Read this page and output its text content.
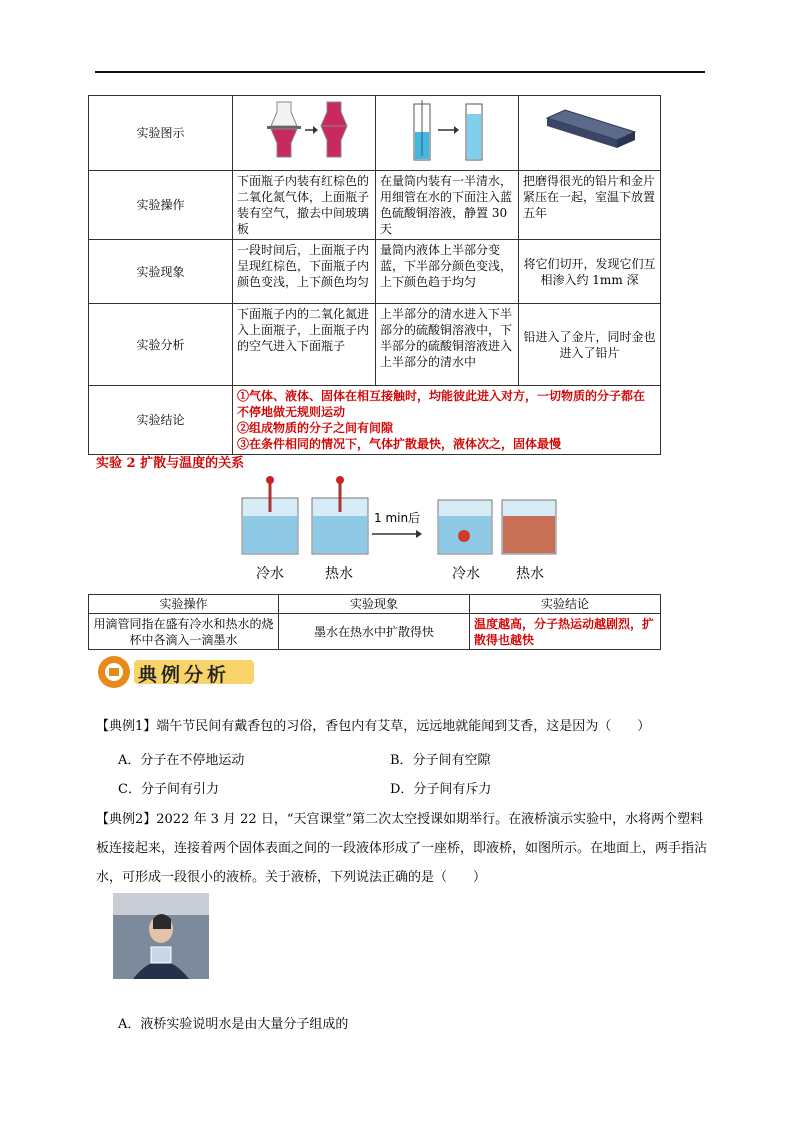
实验图示			
实验操作	下面瓶子内装有红棕色的二氧化氮气体，上面瓶子装有空气，撤去中间玻璃板	在量筒内装有一半清水，用细管在水的下面注入蓝色硫酸铜溶液，静置 30 天	把磨得很光的铅片和金片紧压在一起，室温下放置五年
实验现象	一段时间后，上面瓶子内呈现红棕色，下面瓶子内颜色变浅，上下颜色均匀	量筒内液体上半部分变蓝，下半部分颜色变浅，上下颜色趋于均匀	将它们切开，发现它们互相渗入约 1mm 深
实验分析	下面瓶子内的二氧化氮进入上面瓶子，上面瓶子内的空气进入下面瓶子	上半部分的清水进入下半部分的硫酸铜溶液中，下半部分的硫酸铜溶液进入上半部分的清水中	铅进入了金片，同时金也进入了铅片
实验结论	①气体、液体、固体在相互接触时，均能彼此进入对方，一切物质的分子都在不停地做无规则运动
②组成物质的分子之间有间隙
③在条件相同的情况下，气体扩散最快，液体次之，固体最慢		
实验 2 扩散与温度的关系
1 min后
冷水	热水	冷水	热水
实验操作	实验现象	实验结论
用滴管同指在盛有冷水和热水的烧杯中各滴入一滴墨水	墨水在热水中扩散得快	温度越高，分子热运动越剧烈，扩散得也越快
典例分析
【典例1】端午节民间有戴香包的习俗，香包内有艾草，远远地就能闻到艾香，这是因为（　　）
A．分子在不停地运动	B．分子间有空隙
C．分子间有引力	D．分子间有斥力
【典例2】2022 年 3 月 22 日，“天宫课堂”第二次太空授课如期举行。在液桥演示实验中，水将两个塑料板连接起来，连接着两个固体表面之间的一段液体形成了一座桥，即液桥，如图所示。在地面上，两手指沾水，可形成一段很小的液桥。关于液桥，下列说法正确的是（　　）
A．液桥实验说明水是由大量分子组成的
